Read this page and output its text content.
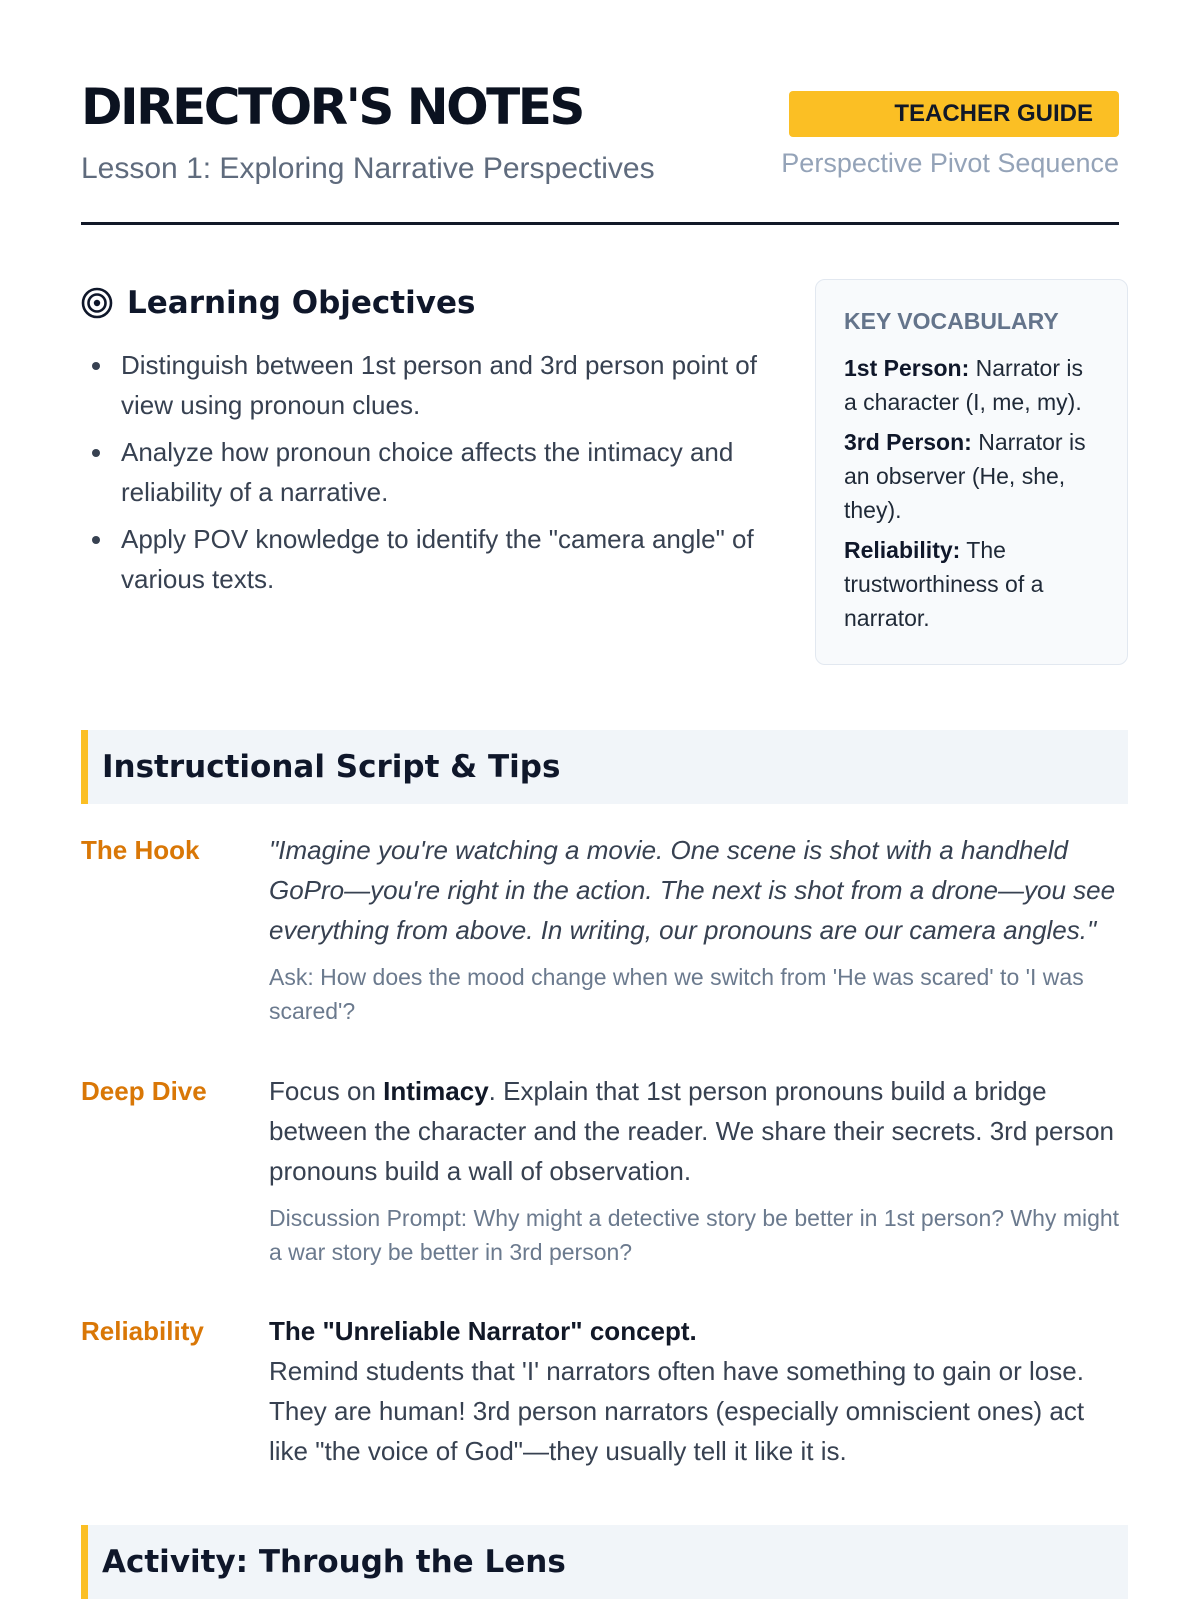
DIRECTOR'S NOTES
Lesson 1: Exploring Narrative Perspectives
TEACHER GUIDE
Perspective Pivot Sequence
Learning Objectives
Distinguish between 1st person and 3rd person point of view using pronoun clues.
Analyze how pronoun choice affects the intimacy and reliability of a narrative.
Apply POV knowledge to identify the "camera angle" of various texts.
KEY VOCABULARY
1st Person: Narrator is a character (I, me, my).
3rd Person: Narrator is an observer (He, she, they).
Reliability: The trustworthiness of a narrator.
Instructional Script & Tips
The Hook	"Imagine you're watching a movie. One scene is shot with a handheld GoPro—you're right in the action. The next is shot from a drone—you see everything from above. In writing, our pronouns are our camera angles."
Ask: How does the mood change when we switch from 'He was scared' to 'I was scared'?
Deep Dive	Focus on Intimacy. Explain that 1st person pronouns build a bridge between the character and the reader. We share their secrets. 3rd person pronouns build a wall of observation.
Discussion Prompt: Why might a detective story be better in 1st person? Why might a war story be better in 3rd person?
Reliability	The "Unreliable Narrator" concept.
Remind students that 'I' narrators often have something to gain or lose. They are human! 3rd person narrators (especially omniscient ones) act like "the voice of God"—they usually tell it like it is.
Activity: Through the Lens
